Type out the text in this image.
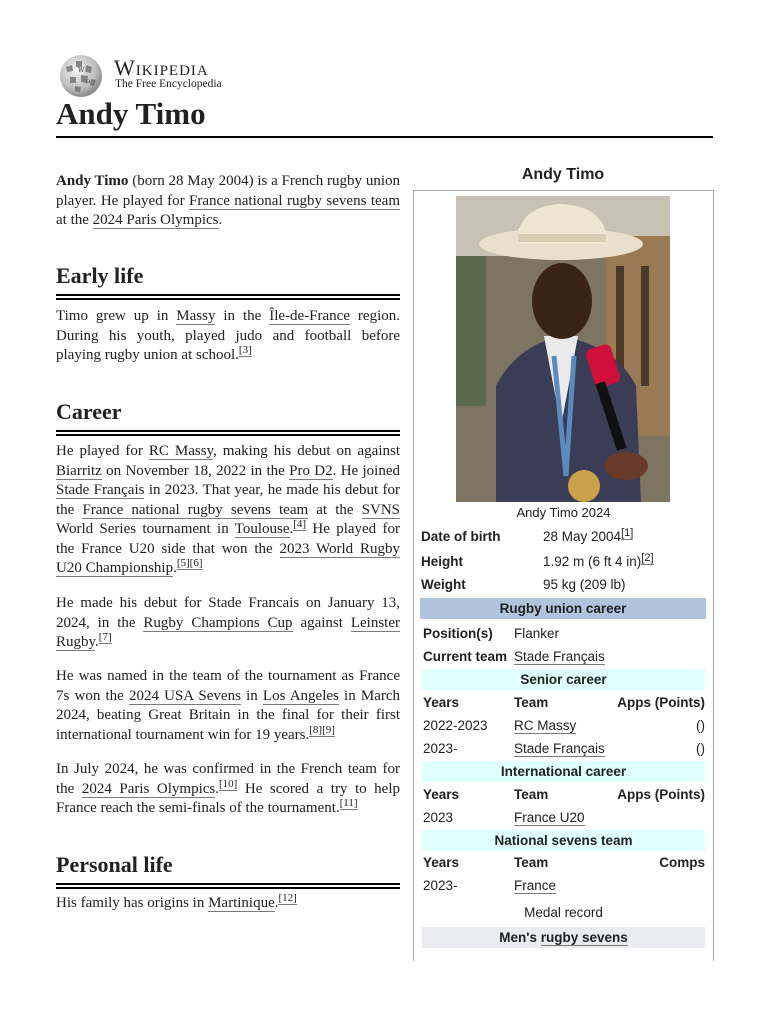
W
Ω
Wikipedia
The Free Encyclopedia
Andy Timo

Andy Timo (born 28 May 2004) is a French rugby union player. He played for France national rugby sevens team at the 2024 Paris Olympics.

Early life

Timo grew up in Massy in the Île-de-France region. During his youth, played judo and football before playing rugby union at school.[3]

Career

He played for RC Massy, making his debut on against Biarritz on November 18, 2022 in the Pro D2. He joined Stade Français in 2023. That year, he made his debut for the France national rugby sevens team at the SVNS World Series tournament in Toulouse.[4] He played for the France U20 side that won the 2023 World Rugby U20 Championship.[5][6]

He made his debut for Stade Francais on January 13, 2024, in the Rugby Champions Cup against Leinster Rugby.[7]

He was named in the team of the tournament as France 7s won the 2024 USA Sevens in Los Angeles in March 2024, beating Great Britain in the final for their first international tournament win for 19 years.[8][9]

In July 2024, he was confirmed in the French team for the 2024 Paris Olympics.[10] He scored a try to help France reach the semi-finals of the tournament.[11]

Personal life

His family has origins in Martinique.[12]

Andy Timo
Andy Timo 2024
Date of birth	28 May 2004[1]
Height	1.92 m (6 ft 4 in)[2]
Weight	95 kg (209 lb)
Rugby union career
Position(s) Flanker
Current team Stade Français
Senior career
Years	Team	Apps (Points)
2022-2023 RC Massy	()
2023-	Stade Français	()
International career
Years	Team	Apps (Points)
2023	France U20
National sevens team
Years	Team	Comps
2023-	France
Medal record
Men's rugby sevens
